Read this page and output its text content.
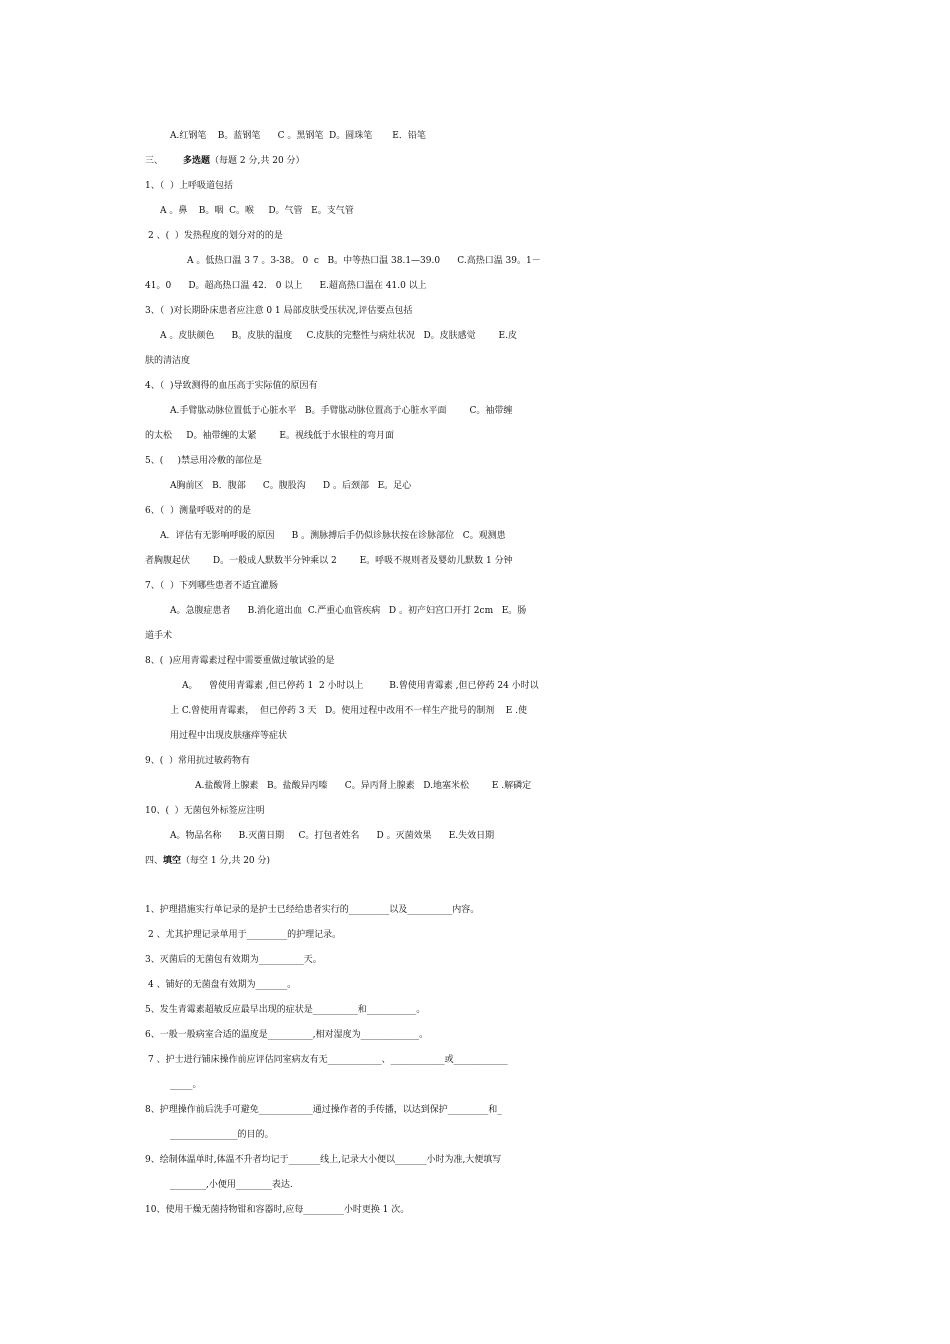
A.红钢笔    B。蓝钢笔      C 。黑钢笔  D。圆珠笔       E．铅笔

三、       多选题（每题 2 分,共 20 分）

1、（  ）上呼吸道包括

A 。鼻    B。咽  C。喉     D。气管   E。支气管

2 、(  ）发热程度的划分对的的是

A 。低热口温 3 7 。3-38。 0  c   B。中等热口温 38.1—39.0      C.高热口温 39。1－

41。0      D。超高热口温 42． 0 以上      E.超高热口温在 41.0 以上

3、（  )对长期卧床患者应注意 0 1 局部皮肤受压状况,评估要点包括

A 。皮肤颜色      B。皮肤的温度     C.皮肤的完整性与病灶状况   D。皮肤感觉        E.皮

肤的清洁度

4、（  )导致测得的血压高于实际值的原因有

A.手臂肱动脉位置低于心脏水平   B。手臂肱动脉位置高于心脏水平面        C。袖带缠

的太松     D。袖带缠的太紧        E。视线低于水银柱的弯月面

5、(     )禁忌用冷敷的部位是

A胸前区   B．腹部      C。腹股沟      D 。后颈部   E。足心

6、（  ）测量呼吸对的的是

A．评估有无影响呼吸的原因      B 。测脉搏后手仍似诊脉状按在诊脉部位   C。观测患

者胸腹起伏        D。一般成人默数半分钟乘以 2        E。呼吸不规则者及婴幼儿默数 1 分钟

7、（  ）下列哪些患者不适宜灌肠

A。急腹症患者      B.消化道出血  C.严重心血管疾病   D 。初产妇宫口开打 2cm   E。肠

道手术

8、(  )应用青霉素过程中需要重做过敏试验的是

A。    曾使用青霉素 ,但已停药 1  2 小时以上         B.曾使用青霉素 ,但已停药 24 小时以

上 C.曾使用青霉素，  但已停药 3 天   D。使用过程中改用不一样生产批号的制剂    E .使

用过程中出现皮肤瘙痒等症状

9、(  ）常用抗过敏药物有

A.盐酸肾上腺素   B。盐酸异丙嗪      C。异丙肾上腺素   D.地塞米松        E .解磷定

10、(  ）无菌包外标签应注明

A。物品名称      B.灭菌日期     C。打包者姓名      D 。灭菌效果      E.失效日期

四、填空（每空 1 分,共 20 分)

1、护理措施实行单记录的是护士已经给患者实行的_________以及__________内容。

2 、尤其护理记录单用于_________的护理记录。

3、灭菌后的无菌包有效期为__________天。

4 、铺好的无菌盘有效期为_______。

5、发生青霉素超敏反应最早出现的症状是__________和___________。

6、一般一般病室合适的温度是__________,相对湿度为_____________。

7 、护士进行铺床操作前应评估同室病友有无____________、____________或____________

_____。

8、护理操作前后洗手可避免____________通过操作者的手传播，以达到保护_________和_

_______________的目的。

9、绘制体温单时,体温不升者均记于_______线上,记录大小便以_______小时为准,大便填写

________,小便用________表达.

10、使用干燥无菌持物钳和容器时,应每_________小时更换 1 次。
